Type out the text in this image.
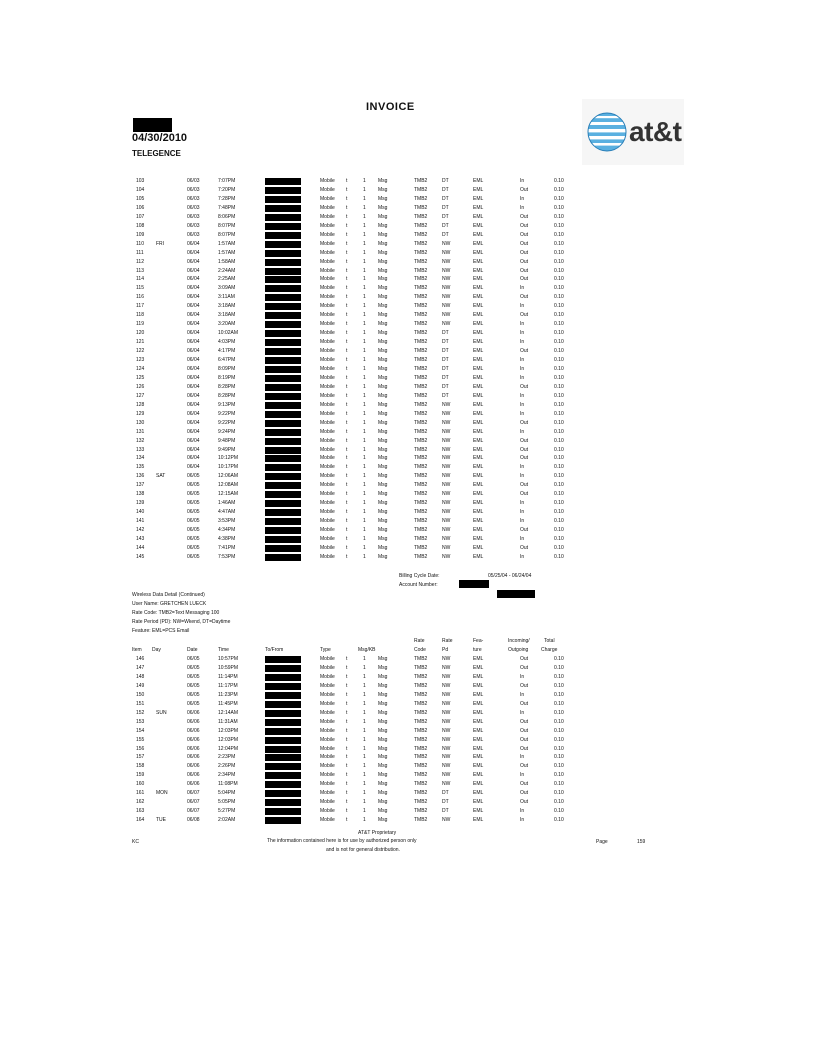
INVOICE
04/30/2010
TELEGENCE
at&t
103	06/03	7:07PM	Mobile t	1 Msg	TMB2	DT	EML	In	0.10
104	06/03	7:20PM	Mobile t	1 Msg	TMB2	DT	EML	Out	0.10
105	06/03	7:28PM	Mobile t	1 Msg	TMB2	DT	EML	In	0.10
106	06/03	7:48PM	Mobile t	1 Msg	TMB2	DT	EML	In	0.10
107	06/03	8:06PM	Mobile t	1 Msg	TMB2	DT	EML	Out	0.10
108	06/03	8:07PM	Mobile t	1 Msg	TMB2	DT	EML	Out	0.10
109	06/03	8:07PM	Mobile t	1 Msg	TMB2	DT	EML	Out	0.10
110 FRI	06/04	1:57AM	Mobile t	1 Msg	TMB2	NW	EML	Out	0.10
111	06/04	1:57AM	Mobile t	1 Msg	TMB2	NW	EML	Out	0.10
112	06/04	1:58AM	Mobile t	1 Msg	TMB2	NW	EML	Out	0.10
113	06/04	2:24AM	Mobile t	1 Msg	TMB2	NW	EML	Out	0.10
114	06/04	2:25AM	Mobile t	1 Msg	TMB2	NW	EML	Out	0.10
115	06/04	3:09AM	Mobile t	1 Msg	TMB2	NW	EML	In	0.10
116	06/04	3:11AM	Mobile t	1 Msg	TMB2	NW	EML	Out	0.10
117	06/04	3:18AM	Mobile t	1 Msg	TMB2	NW	EML	In	0.10
118	06/04	3:18AM	Mobile t	1 Msg	TMB2	NW	EML	Out	0.10
119	06/04	3:20AM	Mobile t	1 Msg	TMB2	NW	EML	In	0.10
120	06/04	10:02AM	Mobile t	1 Msg	TMB2	DT	EML	In	0.10
121	06/04	4:03PM	Mobile t	1 Msg	TMB2	DT	EML	In	0.10
122	06/04	4:17PM	Mobile t	1 Msg	TMB2	DT	EML	Out	0.10
123	06/04	6:47PM	Mobile t	1 Msg	TMB2	DT	EML	In	0.10
124	06/04	8:09PM	Mobile t	1 Msg	TMB2	DT	EML	In	0.10
125	06/04	8:19PM	Mobile t	1 Msg	TMB2	DT	EML	In	0.10
126	06/04	8:28PM	Mobile t	1 Msg	TMB2	DT	EML	Out	0.10
127	06/04	8:28PM	Mobile t	1 Msg	TMB2	DT	EML	In	0.10
128	06/04	9:13PM	Mobile t	1 Msg	TMB2	NW	EML	In	0.10
129	06/04	9:22PM	Mobile t	1 Msg	TMB2	NW	EML	In	0.10
130	06/04	9:22PM	Mobile t	1 Msg	TMB2	NW	EML	Out	0.10
131	06/04	9:24PM	Mobile t	1 Msg	TMB2	NW	EML	In	0.10
132	06/04	9:48PM	Mobile t	1 Msg	TMB2	NW	EML	Out	0.10
133	06/04	9:49PM	Mobile t	1 Msg	TMB2	NW	EML	Out	0.10
134	06/04	10:12PM	Mobile t	1 Msg	TMB2	NW	EML	Out	0.10
135	06/04	10:17PM	Mobile t	1 Msg	TMB2	NW	EML	In	0.10
136 SAT	06/05	12:06AM	Mobile t	1 Msg	TMB2	NW	EML	In	0.10
137	06/05	12:08AM	Mobile t	1 Msg	TMB2	NW	EML	Out	0.10
138	06/05	12:15AM	Mobile t	1 Msg	TMB2	NW	EML	Out	0.10
139	06/05	1:46AM	Mobile t	1 Msg	TMB2	NW	EML	In	0.10
140	06/05	4:47AM	Mobile t	1 Msg	TMB2	NW	EML	In	0.10
141	06/05	3:53PM	Mobile t	1 Msg	TMB2	NW	EML	In	0.10
142	06/05	4:34PM	Mobile t	1 Msg	TMB2	NW	EML	Out	0.10
143	06/05	4:38PM	Mobile t	1 Msg	TMB2	NW	EML	In	0.10
144	06/05	7:41PM	Mobile t	1 Msg	TMB2	NW	EML	Out	0.10
145	06/05	7:53PM	Mobile t	1 Msg	TMB2	NW	EML	In	0.10
Billing Cycle Date:	05/25/04 - 06/24/04
Account Number:
Wireless Data Detail (Continued)
User Name: GRETCHEN LUECK
Rate Code: TMB2=Text Messaging 100
Rate Period (PD): NW=Wkend, DT=Daytime
Feature: EML=PCS Email
Rate	Rate	Fea-	Incoming/	Total
Item Day	Date	Time	To/From	Type	Msg/KB	Code	Pd	ture	Outgoing	Charge
146	06/05	10:57PM	Mobile t	1 Msg	TMB2	NW	EML	Out	0.10
147	06/05	10:59PM	Mobile t	1 Msg	TMB2	NW	EML	Out	0.10
148	06/05	11:14PM	Mobile t	1 Msg	TMB2	NW	EML	In	0.10
149	06/05	11:17PM	Mobile t	1 Msg	TMB2	NW	EML	Out	0.10
150	06/05	11:23PM	Mobile t	1 Msg	TMB2	NW	EML	In	0.10
151	06/05	11:45PM	Mobile t	1 Msg	TMB2	NW	EML	Out	0.10
152 SUN	06/06	12:14AM	Mobile t	1 Msg	TMB2	NW	EML	In	0.10
153	06/06	11:31AM	Mobile t	1 Msg	TMB2	NW	EML	Out	0.10
154	06/06	12:03PM	Mobile t	1 Msg	TMB2	NW	EML	Out	0.10
155	06/06	12:03PM	Mobile t	1 Msg	TMB2	NW	EML	Out	0.10
156	06/06	12:04PM	Mobile t	1 Msg	TMB2	NW	EML	Out	0.10
157	06/06	2:23PM	Mobile t	1 Msg	TMB2	NW	EML	In	0.10
158	06/06	2:26PM	Mobile t	1 Msg	TMB2	NW	EML	Out	0.10
159	06/06	2:34PM	Mobile t	1 Msg	TMB2	NW	EML	In	0.10
160	06/06	11:08PM	Mobile t	1 Msg	TMB2	NW	EML	Out	0.10
161 MON	06/07	5:04PM	Mobile t	1 Msg	TMB2	DT	EML	Out	0.10
162	06/07	5:05PM	Mobile t	1 Msg	TMB2	DT	EML	Out	0.10
163	06/07	5:27PM	Mobile t	1 Msg	TMB2	DT	EML	In	0.10
164 TUE	06/08	2:02AM	Mobile t	1 Msg	TMB2	NW	EML	In	0.10
AT&T Proprietary
KC	The information contained here is for use by authorized person only
and is not for general distribution.
Page	159
